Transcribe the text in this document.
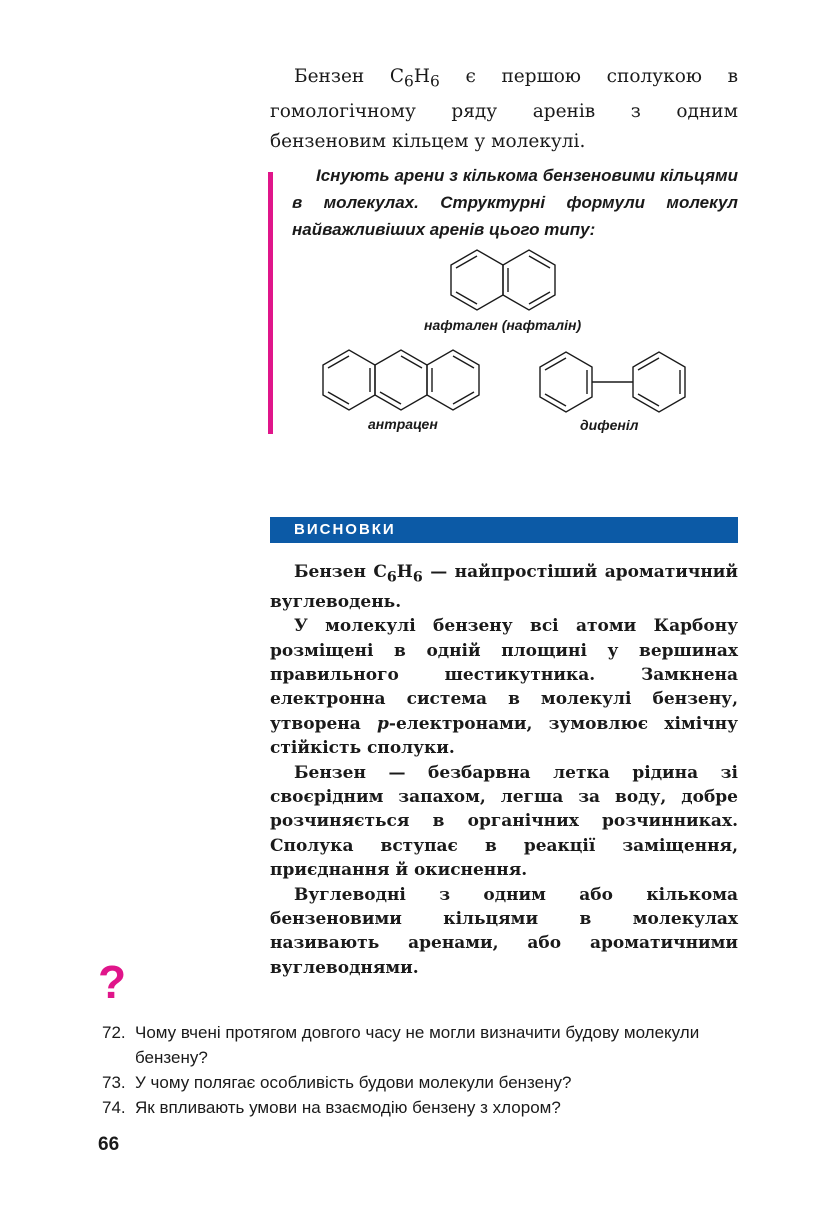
Бензен $C_6H_6$ є першою сполукою в гомологічному ряду аренів з одним бензеновим кільцем у молекулі.

Існують арени з кількома бензеновими кільцями в молекулах. Структурні формули молекул найважливіших аренів цього типу:

нафтален (нафталін)
антрацен	дифеніл
ВИСНОВКИ

Бензен $C_6H_6$ — найпростіший ароматичний вуглеводень.

У молекулі бензену всі атоми Карбону розміщені в одній площині у вершинах правильного шестикутника. Замкнена електронна система в молекулі бензену, утворена p-електронами, зумовлює хімічну стійкість сполуки.

Бензен — безбарвна летка рідина зі своєрідним запахом, легша за воду, добре розчиняється в органічних розчинниках. Сполука вступає в реакції заміщення, приєднання й окиснення.

Вуглеводні з одним або кількома бензеновими кільцями в молекулах називають аренами, або ароматичними вуглеводнями.

?
72. Чому вчені протягом довгого часу не могли визначити будову молекули бензену?
73. У чому полягає особливість будови молекули бензену?
74. Як впливають умови на взаємодію бензену з хлором?
66
